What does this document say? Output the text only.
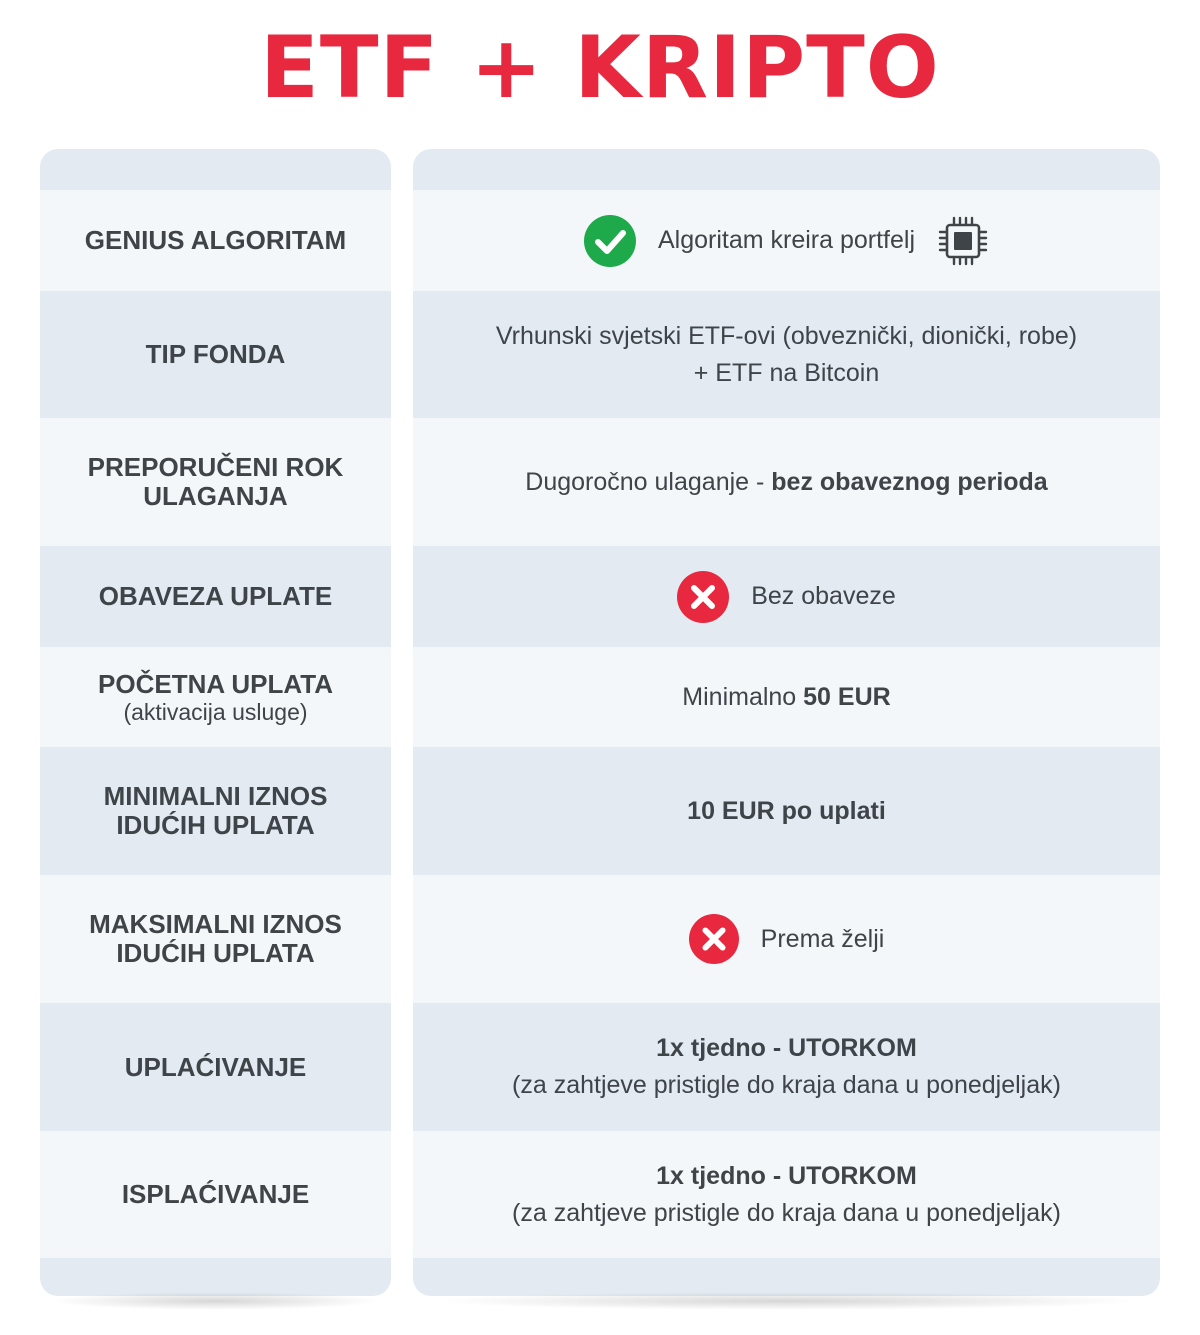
ETF + KRIPTO
GENIUS ALGORITAM
TIP FONDA
PREPORUČENI ROK
ULAGANJA
OBAVEZA UPLATE
POČETNA UPLATA
(aktivacija usluge)
MINIMALNI IZNOS
IDUĆIH UPLATA
MAKSIMALNI IZNOS
IDUĆIH UPLATA
UPLAĆIVANJE
ISPLAĆIVANJE
Algoritam kreira portfelj
Vrhunski svjetski ETF-ovi (obveznički, dionički, robe)
+ ETF na Bitcoin
Dugoročno ulaganje - bez obaveznog perioda
Bez obaveze
Minimalno 50 EUR
10 EUR po uplati
Prema želji
1x tjedno - UTORKOM
(za zahtjeve pristigle do kraja dana u ponedjeljak)
1x tjedno - UTORKOM
(za zahtjeve pristigle do kraja dana u ponedjeljak)
